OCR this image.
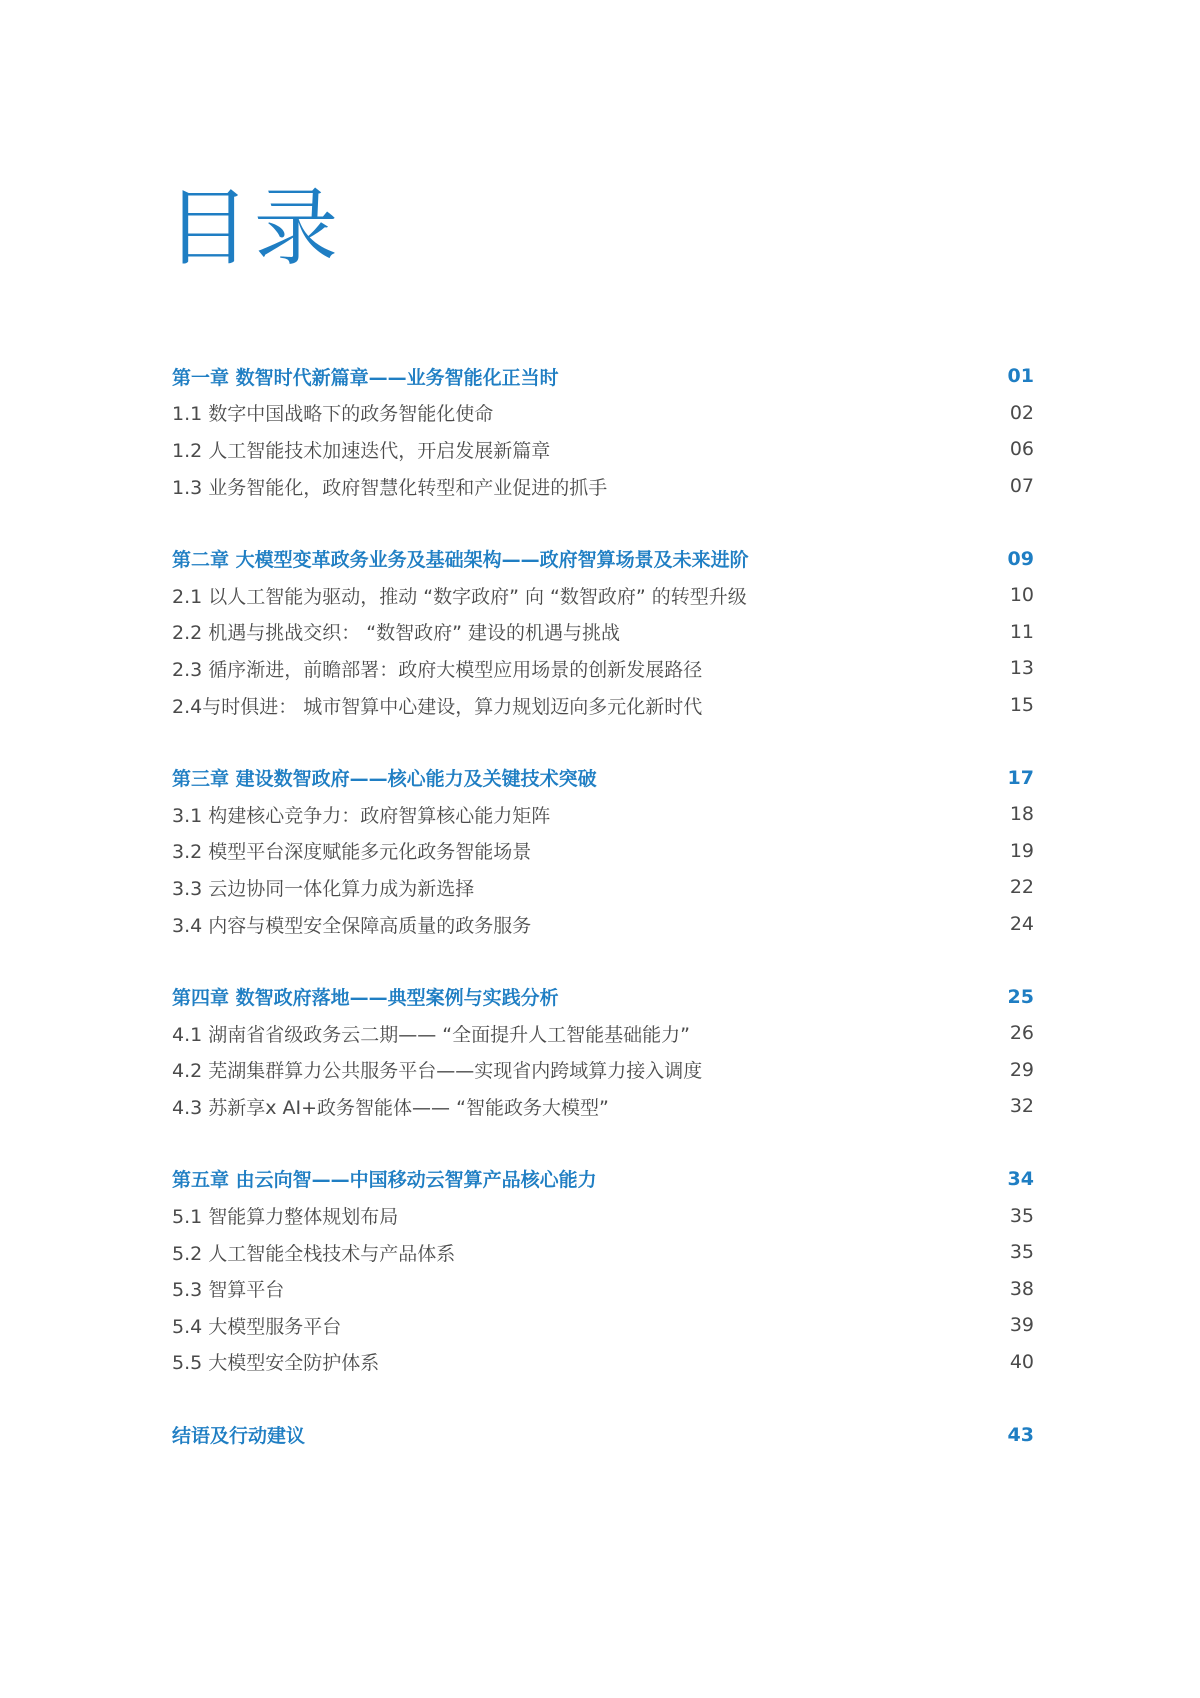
目录
第一章 数智时代新篇章——业务智能化正当时	01
1.1 数字中国战略下的政务智能化使命	02
1.2 人工智能技术加速迭代，开启发展新篇章	06
1.3 业务智能化，政府智慧化转型和产业促进的抓手	07
第二章 大模型变革政务业务及基础架构——政府智算场景及未来进阶	09
2.1 以人工智能为驱动，推动 “数字政府” 向 “数智政府” 的转型升级	10
2.2 机遇与挑战交织： “数智政府” 建设的机遇与挑战	11
2.3 循序渐进，前瞻部署：政府大模型应用场景的创新发展路径	13
2.4与时俱进： 城市智算中心建设，算力规划迈向多元化新时代	15
第三章 建设数智政府——核心能力及关键技术突破	17
3.1 构建核心竞争力：政府智算核心能力矩阵	18
3.2 模型平台深度赋能多元化政务智能场景	19
3.3 云边协同一体化算力成为新选择	22
3.4 内容与模型安全保障高质量的政务服务	24
第四章 数智政府落地——典型案例与实践分析	25
4.1 湖南省省级政务云二期—— “全面提升人工智能基础能力”	26
4.2 芜湖集群算力公共服务平台——实现省内跨域算力接入调度	29
4.3 苏新享x AI+政务智能体—— “智能政务大模型”	32
第五章 由云向智——中国移动云智算产品核心能力	34
5.1 智能算力整体规划布局	35
5.2 人工智能全栈技术与产品体系	35
5.3 智算平台	38
5.4 大模型服务平台	39
5.5 大模型安全防护体系	40
结语及行动建议	43
